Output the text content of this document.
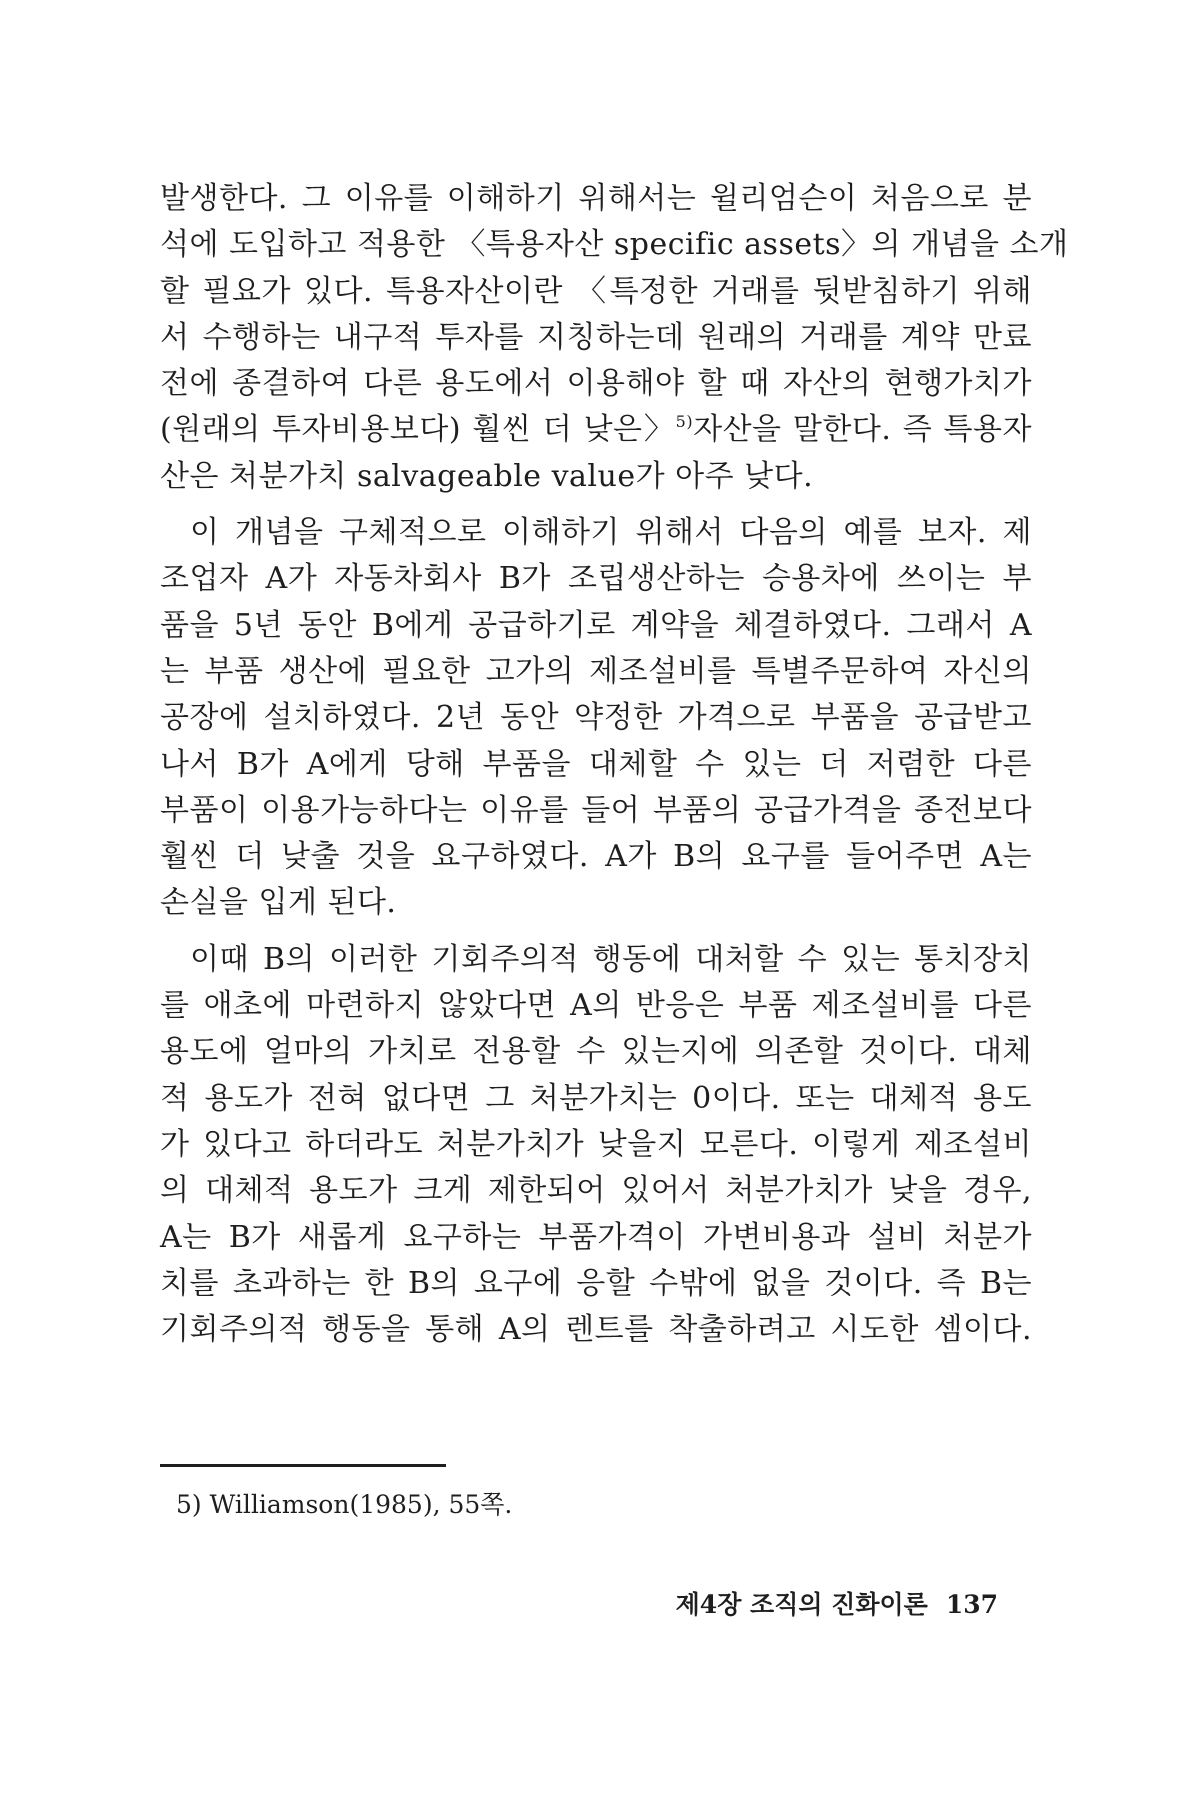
발생한다. 그 이유를 이해하기 위해서는 윌리엄슨이 처음으로 분
석에 도입하고 적용한 〈특용자산 specific assets〉의 개념을 소개
할 필요가 있다. 특용자산이란 〈특정한 거래를 뒷받침하기 위해
서 수행하는 내구적 투자를 지칭하는데 원래의 거래를 계약 만료
전에 종결하여 다른 용도에서 이용해야 할 때 자산의 현행가치가
(원래의 투자비용보다) 훨씬 더 낮은〉$^{5)}$자산을 말한다. 즉 특용자
산은 처분가치 salvageable value가 아주 낮다.
이 개념을 구체적으로 이해하기 위해서 다음의 예를 보자. 제
조업자 A가 자동차회사 B가 조립생산하는 승용차에 쓰이는 부
품을 5년 동안 B에게 공급하기로 계약을 체결하였다. 그래서 A
는 부품 생산에 필요한 고가의 제조설비를 특별주문하여 자신의
공장에 설치하였다. 2년 동안 약정한 가격으로 부품을 공급받고
나서 B가 A에게 당해 부품을 대체할 수 있는 더 저렴한 다른
부품이 이용가능하다는 이유를 들어 부품의 공급가격을 종전보다
훨씬 더 낮출 것을 요구하였다. A가 B의 요구를 들어주면 A는
손실을 입게 된다.
이때 B의 이러한 기회주의적 행동에 대처할 수 있는 통치장치
를 애초에 마련하지 않았다면 A의 반응은 부품 제조설비를 다른
용도에 얼마의 가치로 전용할 수 있는지에 의존할 것이다. 대체
적 용도가 전혀 없다면 그 처분가치는 0이다. 또는 대체적 용도
가 있다고 하더라도 처분가치가 낮을지 모른다. 이렇게 제조설비
의 대체적 용도가 크게 제한되어 있어서 처분가치가 낮을 경우,
A는 B가 새롭게 요구하는 부품가격이 가변비용과 설비 처분가
치를 초과하는 한 B의 요구에 응할 수밖에 없을 것이다. 즉 B는
기회주의적 행동을 통해 A의 렌트를 착출하려고 시도한 셈이다.
5) Williamson(1985), 55쪽.
제4장 조직의 진화이론 137
